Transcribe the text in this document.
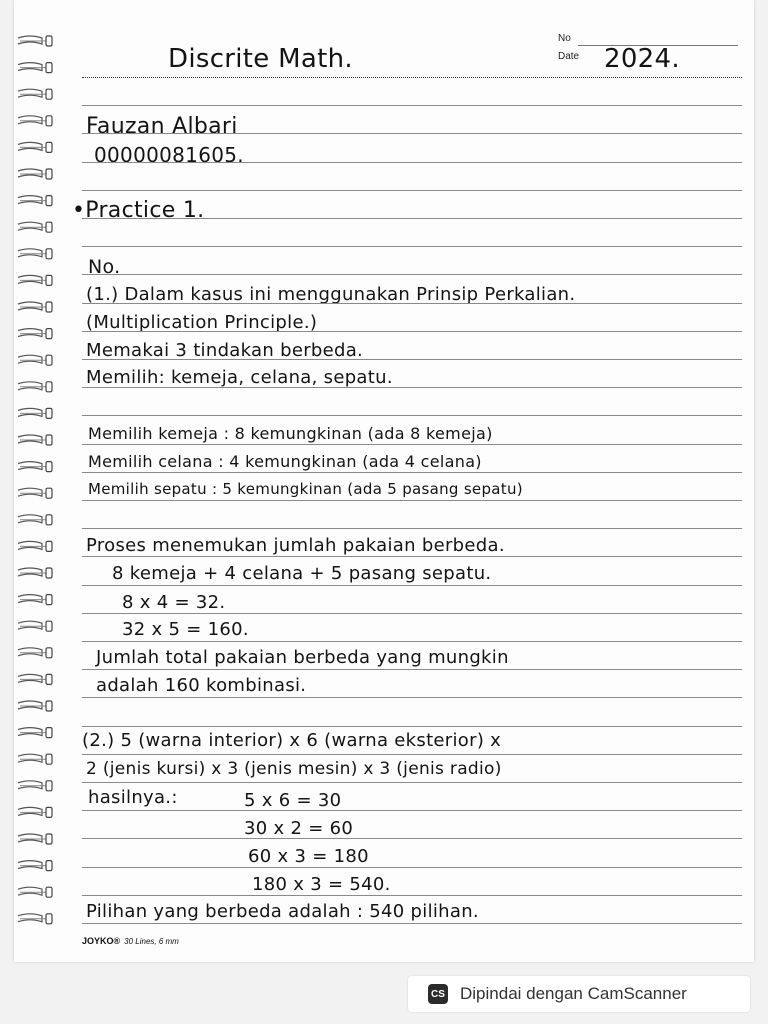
No
Date
Discrite Math.	2024.
Fauzan Albari
00000081605.
•Practice 1.
No.
(1.) Dalam kasus ini menggunakan Prinsip Perkalian.
(Multiplication Principle.)
Memakai 3 tindakan berbeda.
Memilih: kemeja, celana, sepatu.
Memilih kemeja : 8 kemungkinan (ada 8 kemeja)
Memilih celana : 4 kemungkinan (ada 4 celana)
Memilih sepatu : 5 kemungkinan (ada 5 pasang sepatu)
Proses menemukan jumlah pakaian berbeda.
8 kemeja + 4 celana + 5 pasang sepatu.
8 x 4 = 32.
32 x 5 = 160.
Jumlah total pakaian berbeda yang mungkin
adalah 160 kombinasi.
(2.) 5 (warna interior) x 6 (warna eksterior) x
2 (jenis kursi) x 3 (jenis mesin) x 3 (jenis radio)
hasilnya.:	5 x 6 = 30
30 x 2 = 60
60 x 3 = 180
180 x 3 = 540.
Pilihan yang berbeda adalah : 540 pilihan.
JOYKO® 30 Lines, 6 mm
CS Dipindai dengan CamScanner
